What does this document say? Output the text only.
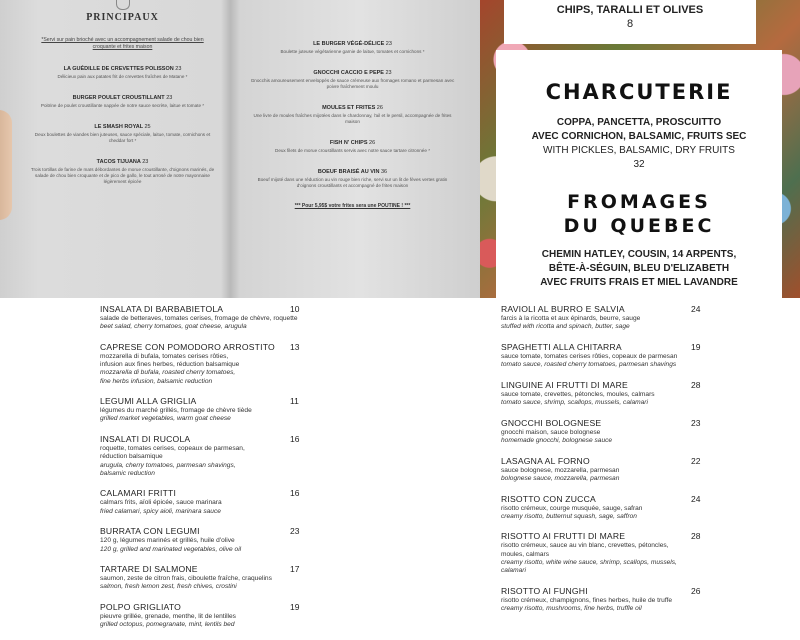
PRINCIPAUX
*Servi sur pain brioché avec un accompagnement salade de chou bien croquante et frites maison
LA GUÉDILLE DE CREVETTES POLISSON 23
Délicieux pain aux patates frit de crevettes fraîches de Matane *
BURGER POULET CROUSTILLANT 23
Poitrine de poulet croustillante nappée de notre sauce secrète, laitue et tomate *
LE SMASH ROYAL 25
Deux boulettes de viandes bien juteuses, sauce spéciale, laitue, tomate, cornichons et cheddar fort *
TACOS TIJUANA 23
Trois tortillas de farine de maïs débordantes de morue croustillante, d'oignons marinés, de salade de chou bien croquante et de pico de gallo, le tout arrosé de notre mayonnaise légèrement épicée
LE BURGER VÉGÉ-DÉLICE 23
Boulette juteuse végétarienne garnie de laitue, tomates et cornichons *
GNOCCHI CACCIO E PEPE 23
Gnocchis amoureusement enveloppés de sauce crémeuse aux fromages romano et parmesan avec poivre fraîchement moulu
MOULES ET FRITES 26
Une livre de moules fraîches mijotées dans le chardonnay, l'ail et le persil, accompagnée de frites maison
FISH N' CHIPS 26
Deux filets de morue croustillants servis avec notre sauce tartare citronnée *
BOEUF BRAISÉ AU VIN 36
Boeuf mijoté dans une réduction au vin rouge bien riche, servi sur un lit de fèves vertes gratin d'oignons croustillants et accompagné de frites maison
*** Pour 5,95$ votre frites sera une POUTINE ! ***
CHIPS, TARALLI ET OLIVES
8
CHARCUTERIE
COPPA, PANCETTA, PROSCUITTO
AVEC CORNICHON, BALSAMIC, FRUITS SEC
WITH PICKLES, BALSAMIC, DRY FRUITS
32
FROMAGES
DU QUEBEC
CHEMIN HATLEY, COUSIN, 14 ARPENTS,
BÊTE-À-SÉGUIN, BLEU D'ELIZABETH
AVEC FRUITS FRAIS ET MIEL LAVANDRE
INSALATA DI BARBABIETOLA	10
salade de betteraves, tomates cerises, fromage de chèvre, roquette
beet salad, cherry tomatoes, goat cheese, arugula
CAPRESE CON POMODORO ARROSTITO	13
mozzarella di bufala, tomates cerises rôties,
infusion aux fines herbes, réduction balsamique
mozzarella di bufala, roasted cherry tomatoes,
fine herbs infusion, balsamic reduction
LEGUMI ALLA GRIGLIA	11
légumes du marché grillés, fromage de chèvre tiède
grilled market vegetables, warm goat cheese
INSALATI DI RUCOLA	16
roquette, tomates cerises, copeaux de parmesan,
réduction balsamique
arugula, cherry tomatoes, parmesan shavings,
balsamic reduction
CALAMARI FRITTI	16
calmars frits, aïoli épicée, sauce marinara
fried calamari, spicy aioli, marinara sauce
BURRATA CON LEGUMI	23
120 g, légumes marinés et grillés, huile d'olive
120 g, grilled and marinated vegetables, olive oil
TARTARE DI SALMONE	17
saumon, zeste de citron frais, ciboulette fraîche, craquelins
salmon, fresh lemon zest, fresh chives, crostini
POLPO GRIGLIATO	19
pieuvre grillée, grenade, menthe, lit de lentilles
grilled octopus, pomegranate, mint, lentils bed
RAVIOLI AL BURRO E SALVIA	24
farcis à la ricotta et aux épinards, beurre, sauge
stuffed with ricotta and spinach, butter, sage
SPAGHETTI ALLA CHITARRA	19
sauce tomate, tomates cerises rôties, copeaux de parmesan
tomato sauce, roasted cherry tomatoes, parmesan shavings
LINGUINE AI FRUTTI DI MARE	28
sauce tomate, crevettes, pétoncles, moules, calmars
tomato sauce, shrimp, scallops, mussels, calamari
GNOCCHI BOLOGNESE	23
gnocchi maison, sauce bolognese
homemade gnocchi, bolognese sauce
LASAGNA AL FORNO	22
sauce bolognese, mozzarella, parmesan
bolognese sauce, mozzarella, parmesan
RISOTTO CON ZUCCA	24
risotto crémeux, courge musquée, sauge, safran
creamy risotto, butternut squash, sage, saffron
RISOTTO AI FRUTTI DI MARE	28
risotto crémeux, sauce au vin blanc, crevettes, pétoncles,
moules, calmars
creamy risotto, white wine sauce, shrimp, scallops, mussels,
calamari
RISOTTO AI FUNGHI	26
risotto crémeux, champignons, fines herbes, huile de truffe
creamy risotto, mushrooms, fine herbs, truffle oil
